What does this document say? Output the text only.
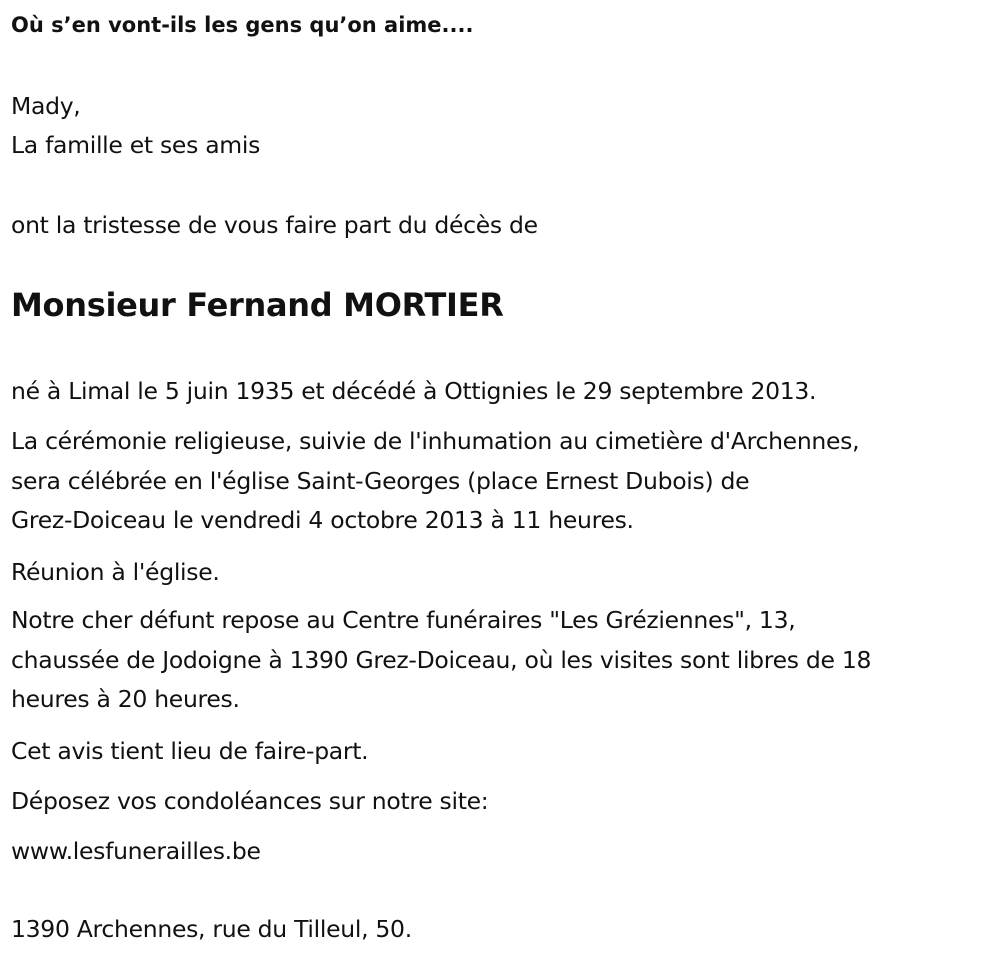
Où s’en vont-ils les gens qu’on aime....

Mady,

La famille et ses amis

ont la tristesse de vous faire part du décès de

Monsieur Fernand MORTIER

né à Limal le 5 juin 1935 et décédé à Ottignies le 29 septembre 2013.

La cérémonie religieuse, suivie de l'inhumation au cimetière d'Archennes,
sera célébrée en l'église Saint-Georges (place Ernest Dubois) de
Grez-Doiceau le vendredi 4 octobre 2013 à 11 heures.

Réunion à l'église.

Notre cher défunt repose au Centre funéraires "Les Gréziennes", 13,
chaussée de Jodoigne à 1390 Grez-Doiceau, où les visites sont libres de 18
heures à 20 heures.

Cet avis tient lieu de faire-part.

Déposez vos condoléances sur notre site:

www.lesfunerailles.be

1390 Archennes, rue du Tilleul, 50.
